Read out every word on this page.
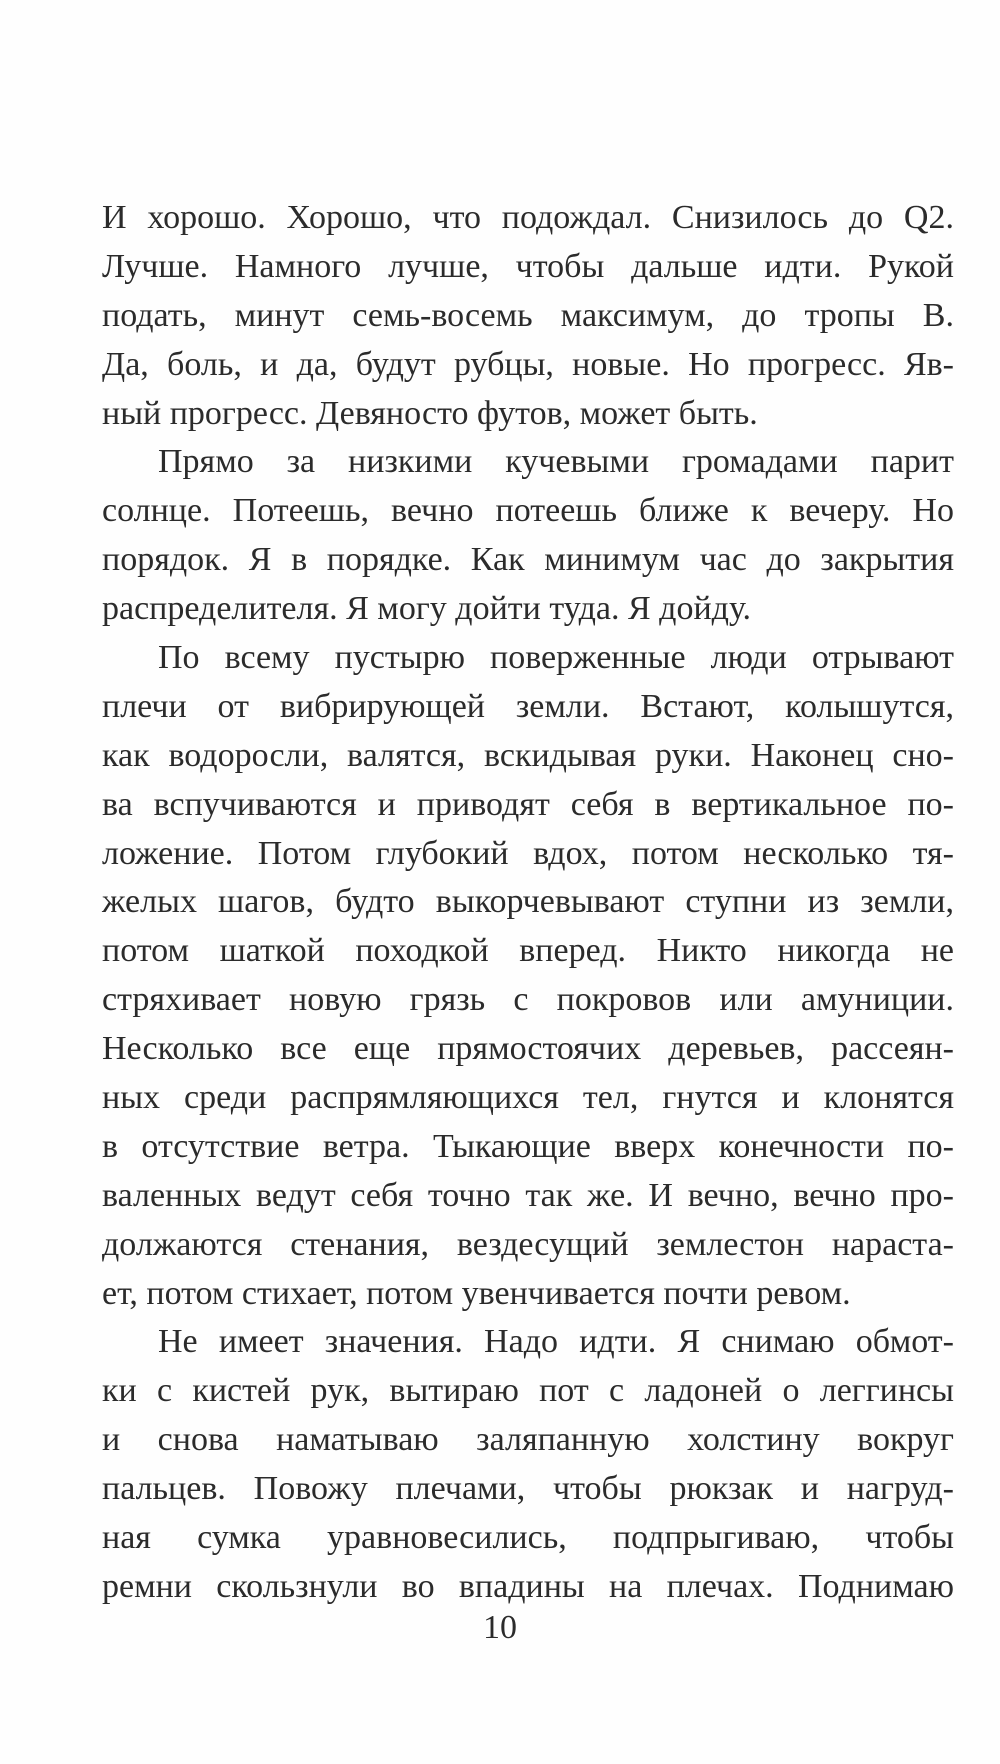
И хорошо. Хорошо, что подождал. Снизилось до Q2.
Лучше. Намного лучше, чтобы дальше идти. Рукой
подать, минут семь-восемь максимум, до тропы В.
Да, боль, и да, будут рубцы, новые. Но прогресс. Яв-
ный прогресс. Девяносто футов, может быть.
Прямо за низкими кучевыми громадами парит
солнце. Потеешь, вечно потеешь ближе к вечеру. Но
порядок. Я в порядке. Как минимум час до закрытия
распределителя. Я могу дойти туда. Я дойду.
По всему пустырю поверженные люди отрывают
плечи от вибрирующей земли. Встают, колышутся,
как водоросли, валятся, вскидывая руки. Наконец сно-
ва вспучиваются и приводят себя в вертикальное по-
ложение. Потом глубокий вдох, потом несколько тя-
желых шагов, будто выкорчевывают ступни из земли,
потом шаткой походкой вперед. Никто никогда не
стряхивает новую грязь с покровов или амуниции.
Несколько все еще прямостоячих деревьев, рассеян-
ных среди распрямляющихся тел, гнутся и клонятся
в отсутствие ветра. Тыкающие вверх конечности по-
валенных ведут себя точно так же. И вечно, вечно про-
должаются стенания, вездесущий землестон нараста-
ет, потом стихает, потом увенчивается почти ревом.
Не имеет значения. Надо идти. Я снимаю обмот-
ки с кистей рук, вытираю пот с ладоней о леггинсы
и снова наматываю заляпанную холстину вокруг
пальцев. Повожу плечами, чтобы рюкзак и нагруд-
ная сумка уравновесились, подпрыгиваю, чтобы
ремни скользнули во впадины на плечах. Поднимаю
10
